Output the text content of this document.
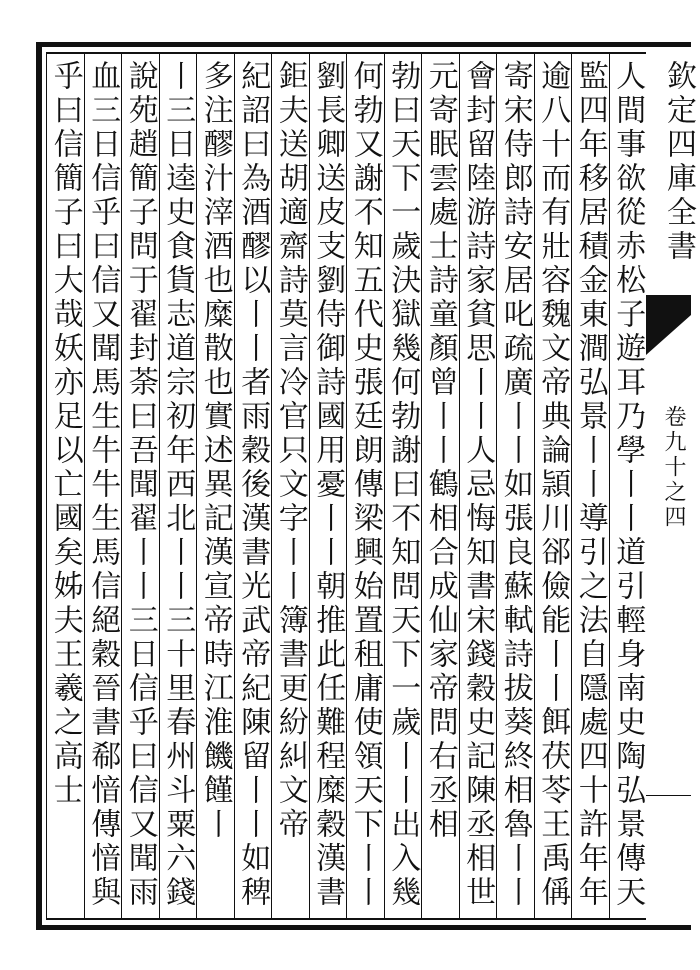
欽定四庫全書
卷九十之四
人間事欲從赤松子遊耳乃學丨丨道引輕身南史陶弘景傳天
監四年移居積金東澗弘景丨丨導引之法自隱處四十許年年
逾八十而有壯容魏文帝典論頴川郤儉能丨丨餌茯苓王禹偁
寄宋侍郎詩安居叱疏廣丨丨如張良蘇軾詩拔葵終相魯丨丨
會封留陸游詩家貧思丨丨人忌悔知書宋錢穀史記陳丞相世
元寄眠雲處士詩童顏曾丨丨鶴相合成仙家帝問右丞相
勃曰天下一歲決獄幾何勃謝曰不知問天下一歲丨丨出入幾
何勃又謝不知五代史張廷朗傳梁興始置租庸使領天下丨丨
劉長卿送皮支劉侍御詩國用憂丨丨朝推此任難程糜穀漢書
鉅夫送胡適齋詩莫言冷官只文字丨丨簿書更紛糾文帝
紀詔曰為酒醪以丨丨者雨穀後漢書光武帝紀陳留丨丨如稗
多注醪汁滓酒也糜散也實述異記漢宣帝時江淮饑饉丨
丨三日逵史食貨志道宗初年西北丨丨三十里春州斗粟六錢
說苑趙簡子問于翟封荼曰吾聞翟丨丨三日信乎曰信又聞雨
血三日信乎曰信又聞馬生牛牛生馬信絕穀晉書郗愔傳愔與
乎曰信簡子曰大哉妖亦足以亡國矣姊夫王羲之高士
